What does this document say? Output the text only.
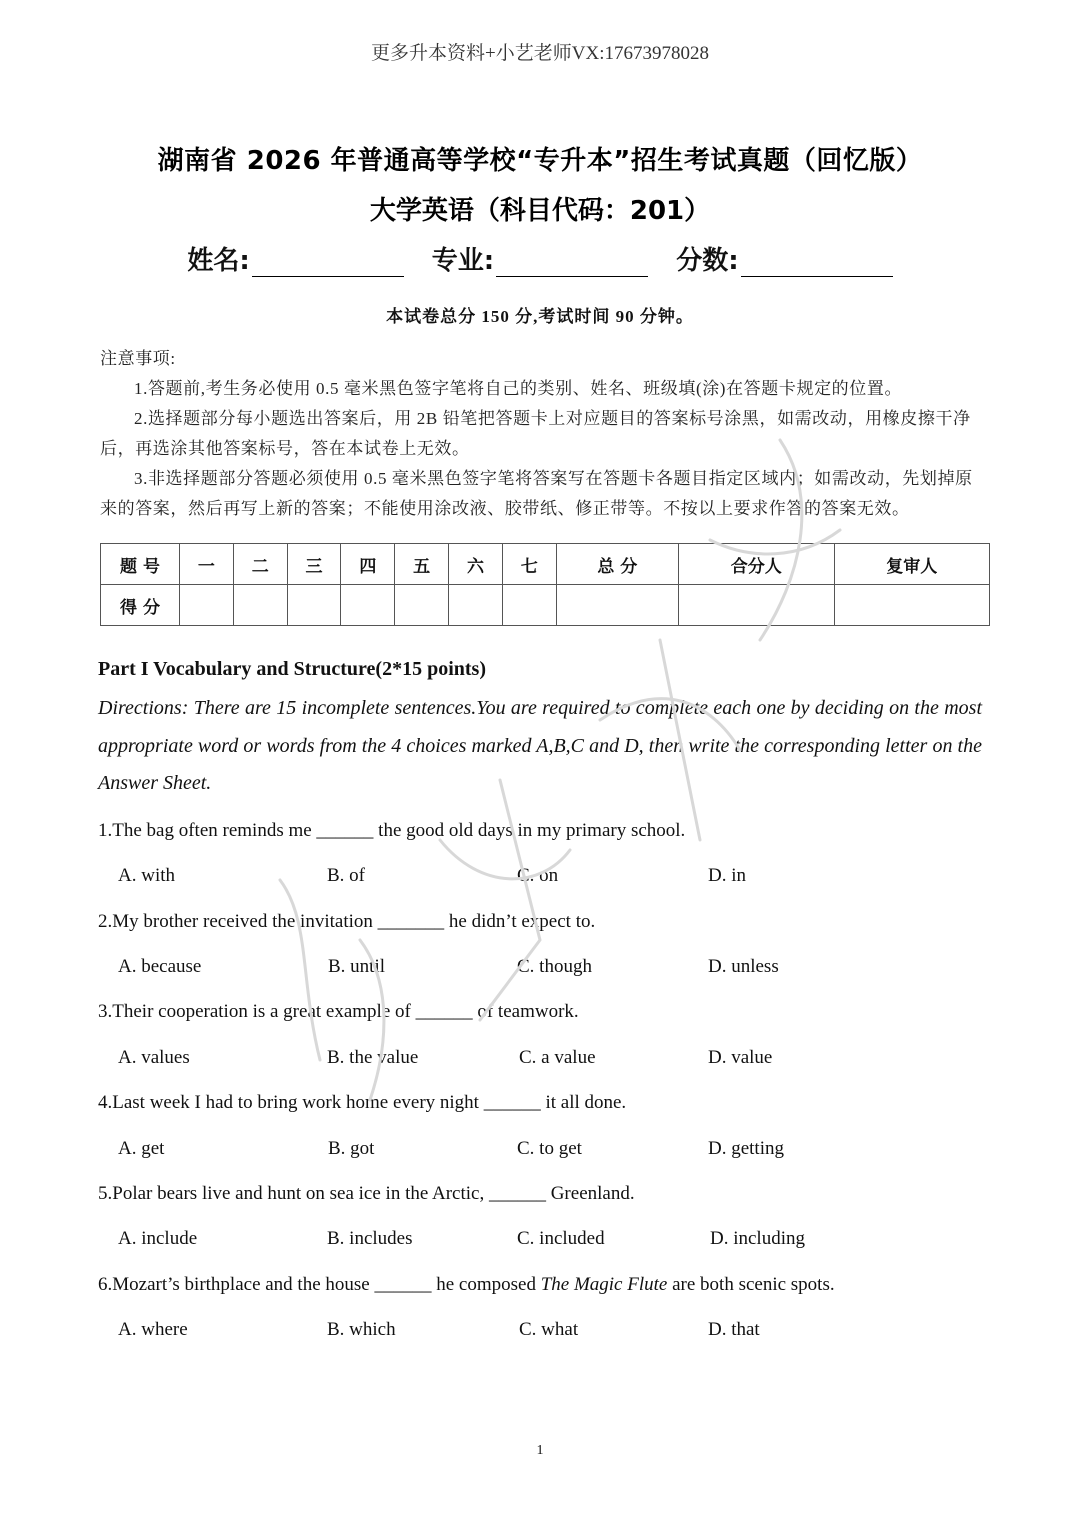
更多升本资料+小艺老师VX:17673978028
湖南省 2026 年普通高等学校“专升本”招生考试真题（回忆版）
大学英语（科目代码：201）
姓名:	专业:	分数:
本试卷总分 150 分,考试时间 90 分钟。
注意事项:
1.答题前,考生务必使用 0.5 毫米黑色签字笔将自己的类别、姓名、班级填(涂)在答题卡规定的位置。
2.选择题部分每小题选出答案后，用 2B 铅笔把答题卡上对应题目的答案标号涂黑，如需改动，用橡皮擦干净后，再选涂其他答案标号，答在本试卷上无效。
3.非选择题部分答题必须使用 0.5 毫米黑色签字笔将答案写在答题卡各题目指定区域内；如需改动，先划掉原来的答案，然后再写上新的答案；不能使用涂改液、胶带纸、修正带等。不按以上要求作答的答案无效。
题 号	一	二	三	四	五	六	七	总 分	合分人	复审人
得 分										
Part I Vocabulary and Structure(2*15 points)
Directions: There are 15 incomplete sentences.You are required to complete each one by deciding on the most appropriate word or words from the 4 choices marked A,B,C and D, then write the corresponding letter on the Answer Sheet.
1.The bag often reminds me ______ the good old days in my primary school.
A. with	B. of	C. on	D. in
2.My brother received the invitation _______ he didn’t expect to.
A. because	B. until	C. though	D. unless
3.Their cooperation is a great example of ______ of teamwork.
A. values	B. the value	C. a value	D. value
4.Last week I had to bring work home every night ______ it all done.
A. get	B. got	C. to get	D. getting
5.Polar bears live and hunt on sea ice in the Arctic, ______ Greenland.
A. include	B. includes	C. included	D. including
6.Mozart’s birthplace and the house ______ he composed The Magic Flute are both scenic spots.
A. where	B. which	C. what	D. that
1
